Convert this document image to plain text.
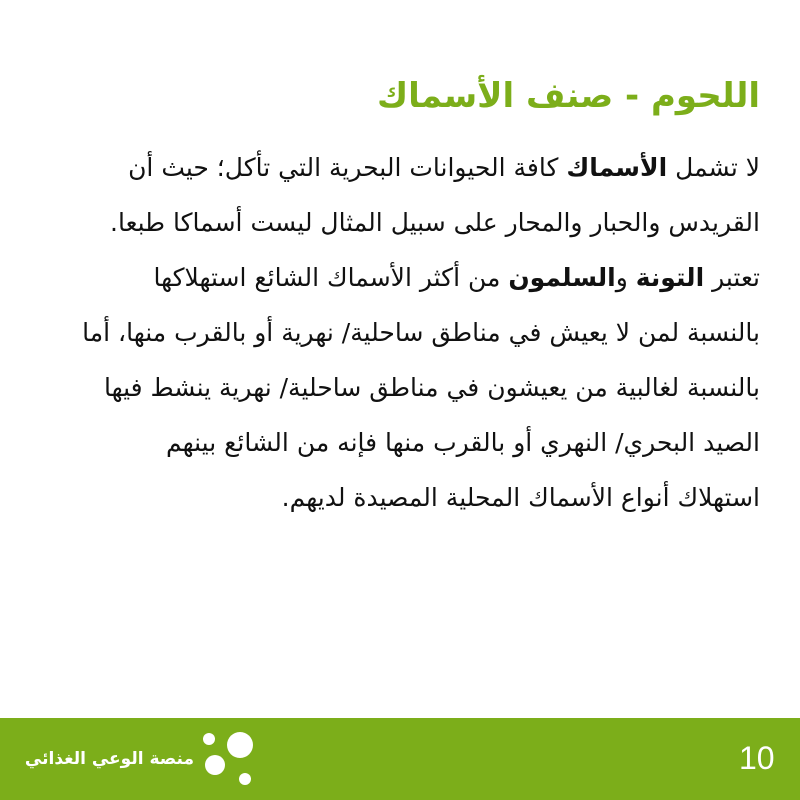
اللحوم - صنف الأسماك
لا تشمل الأسماك كافة الحيوانات البحرية التي تأكل؛ حيث أن
القريدس والحبار والمحار على سبيل المثال ليست أسماكا طبعا.
تعتبر التونة والسلمون من أكثر الأسماك الشائع استهلاكها
بالنسبة لمن لا يعيش في مناطق ساحلية/ نهرية أو بالقرب منها، أما
بالنسبة لغالبية من يعيشون في مناطق ساحلية/ نهرية ينشط فيها
الصيد البحري/ النهري أو بالقرب منها فإنه من الشائع بينهم
استهلاك أنواع الأسماك المحلية المصيدة لديهم.
10
منصة الوعي الغذائي
